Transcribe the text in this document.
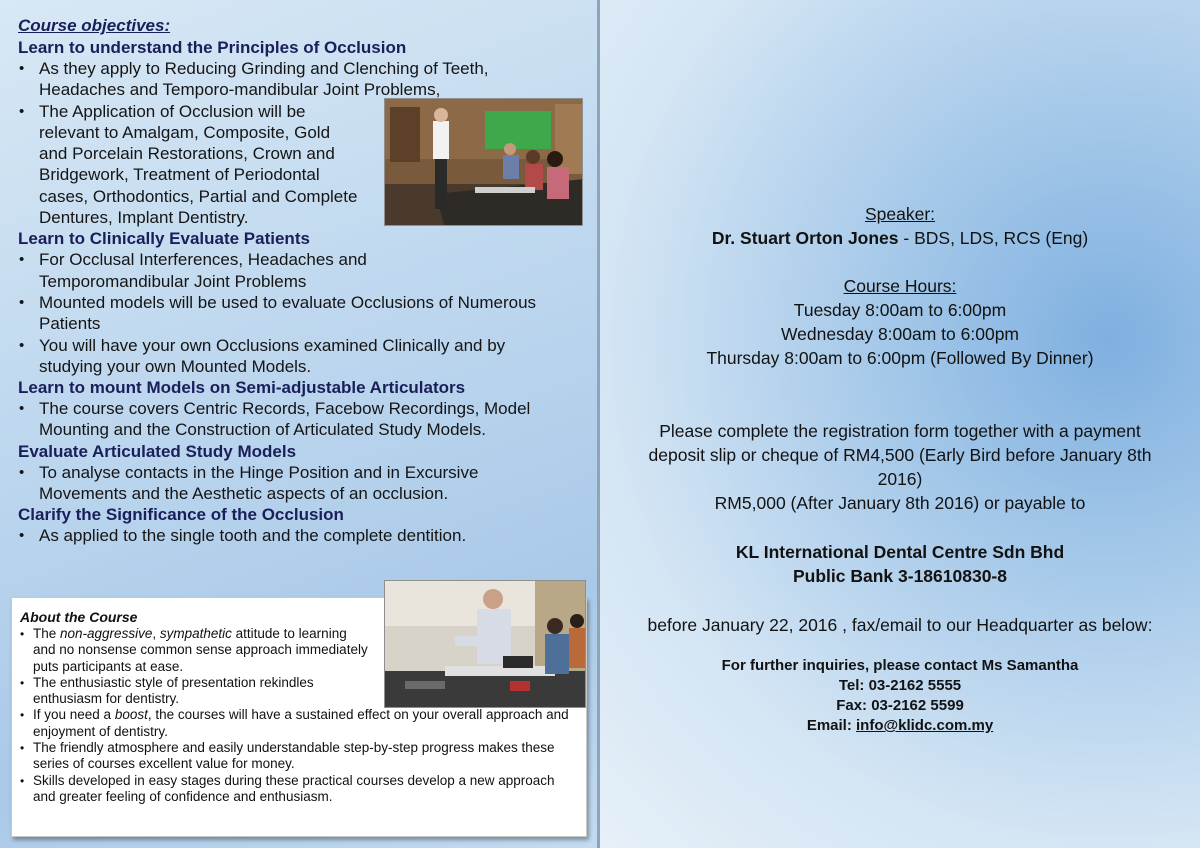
Course objectives:
Learn to understand the Principles of Occlusion
• As they apply to Reducing Grinding and Clenching of Teeth, Headaches and Temporo-mandibular Joint Problems,
• The Application of Occlusion will be relevant to Amalgam, Composite, Gold and Porcelain Restorations, Crown and Bridgework, Treatment of Periodontal cases, Orthodontics, Partial and Complete Dentures, Implant Dentistry.
Learn to Clinically Evaluate Patients
• For Occlusal Interferences, Headaches and Temporomandibular Joint Problems
• Mounted models will be used to evaluate Occlusions of Numerous Patients
• You will have your own Occlusions examined Clinically and by studying your own Mounted Models.
Learn to mount Models on Semi-adjustable Articulators
• The course covers Centric Records, Facebow Recordings, Model Mounting and the Construction of Articulated Study Models.
Evaluate Articulated Study Models
• To analyse contacts in the Hinge Position and in Excursive Movements and the Aesthetic aspects of an occlusion.
Clarify the Significance of the Occlusion
• As applied to the single tooth and the complete dentition.
About the Course
• The non-aggressive, sympathetic attitude to learning and no nonsense common sense approach immediately puts participants at ease.
• The enthusiastic style of presentation rekindles enthusiasm for dentistry.
• If you need a boost, the courses will have a sustained effect on your overall approach and enjoyment of dentistry.
• The friendly atmosphere and easily understandable step-by-step progress makes these series of courses excellent value for money.
• Skills developed in easy stages during these practical courses develop a new approach and greater feeling of confidence and enthusiasm.
Speaker:
Dr. Stuart Orton Jones - BDS, LDS, RCS (Eng)
Course Hours:
Tuesday 8:00am to 6:00pm
Wednesday 8:00am to 6:00pm
Thursday 8:00am to 6:00pm (Followed By Dinner)
Please complete the registration form together with a payment
deposit slip or cheque of RM4,500 (Early Bird before January 8th
2016)
RM5,000 (After January 8th 2016) or payable to
KL International Dental Centre Sdn Bhd
Public Bank 3-18610830-8
before January 22, 2016 , fax/email to our Headquarter as below:
For further inquiries, please contact Ms Samantha
Tel: 03-2162 5555
Fax: 03-2162 5599
Email: info@klidc.com.my
